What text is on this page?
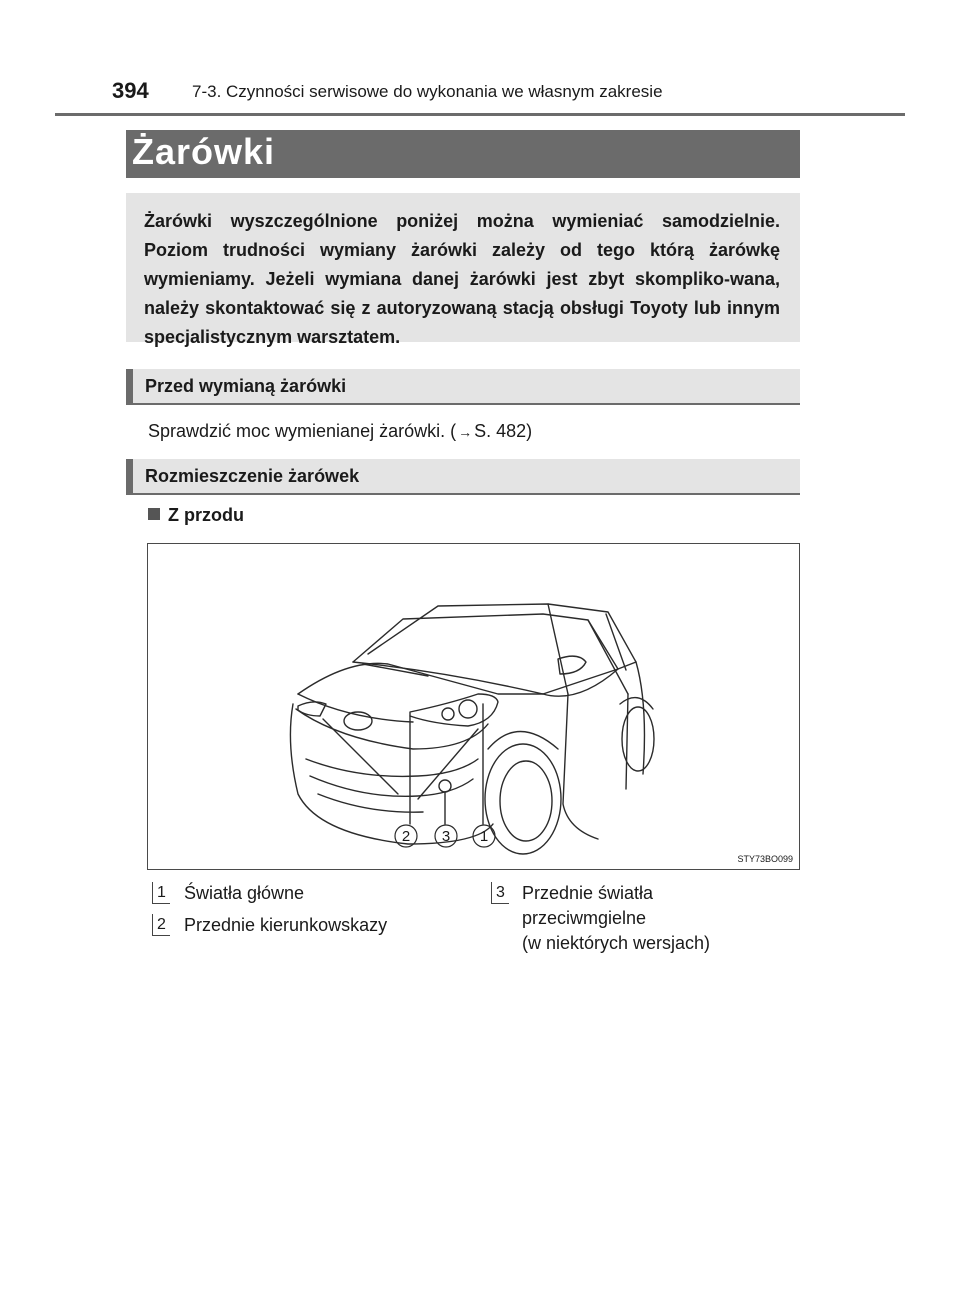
394	7-3. Czynności serwisowe do wykonania we własnym zakresie
Żarówki
Żarówki wyszczególnione poniżej można wymieniać samodzielnie. Poziom trudności wymiany żarówki zależy od tego którą żarówkę wymieniamy. Jeżeli wymiana danej żarówki jest zbyt skompliko-wana, należy skontaktować się z autoryzowaną stacją obsługi Toyoty lub innym specjalistycznym warsztatem.
Przed wymianą żarówki
Sprawdzić moc wymienianej żarówki. ( → S. 482)
Rozmieszczenie żarówek
Z przodu
2 3 1
STY73BO099
1 Światła główne
2 Przednie kierunkowskazy
3 Przednie światła
przeciwmgielne
(w niektórych wersjach)
